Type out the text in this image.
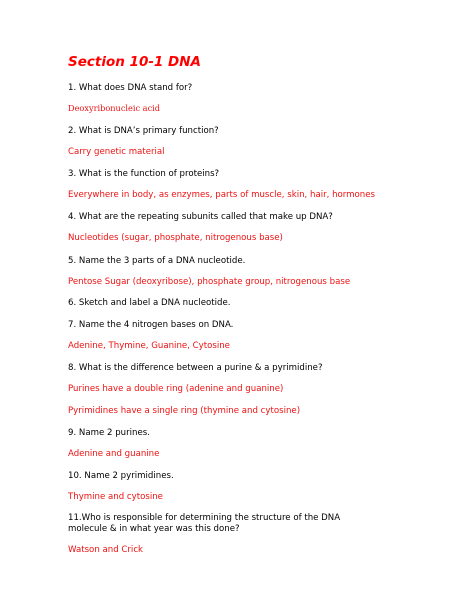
Section 10-1 DNA
1. What does DNA stand for?
Deoxyribonucleic acid
2. What is DNA’s primary function?
Carry genetic material
3. What is the function of proteins?
Everywhere in body, as enzymes, parts of muscle, skin, hair, hormones
4. What are the repeating subunits called that make up DNA?
Nucleotides (sugar, phosphate, nitrogenous base)
5. Name the 3 parts of a DNA nucleotide.
Pentose Sugar (deoxyribose), phosphate group, nitrogenous base
6. Sketch and label a DNA nucleotide.
7. Name the 4 nitrogen bases on DNA.
Adenine, Thymine, Guanine, Cytosine
8. What is the difference between a purine & a pyrimidine?
Purines have a double ring (adenine and guanine)
Pyrimidines have a single ring (thymine and cytosine)
9. Name 2 purines.
Adenine and guanine
10. Name 2 pyrimidines.
Thymine and cytosine
11.Who is responsible for determining the structure of the DNA molecule & in what year was this done?
Watson and Crick
